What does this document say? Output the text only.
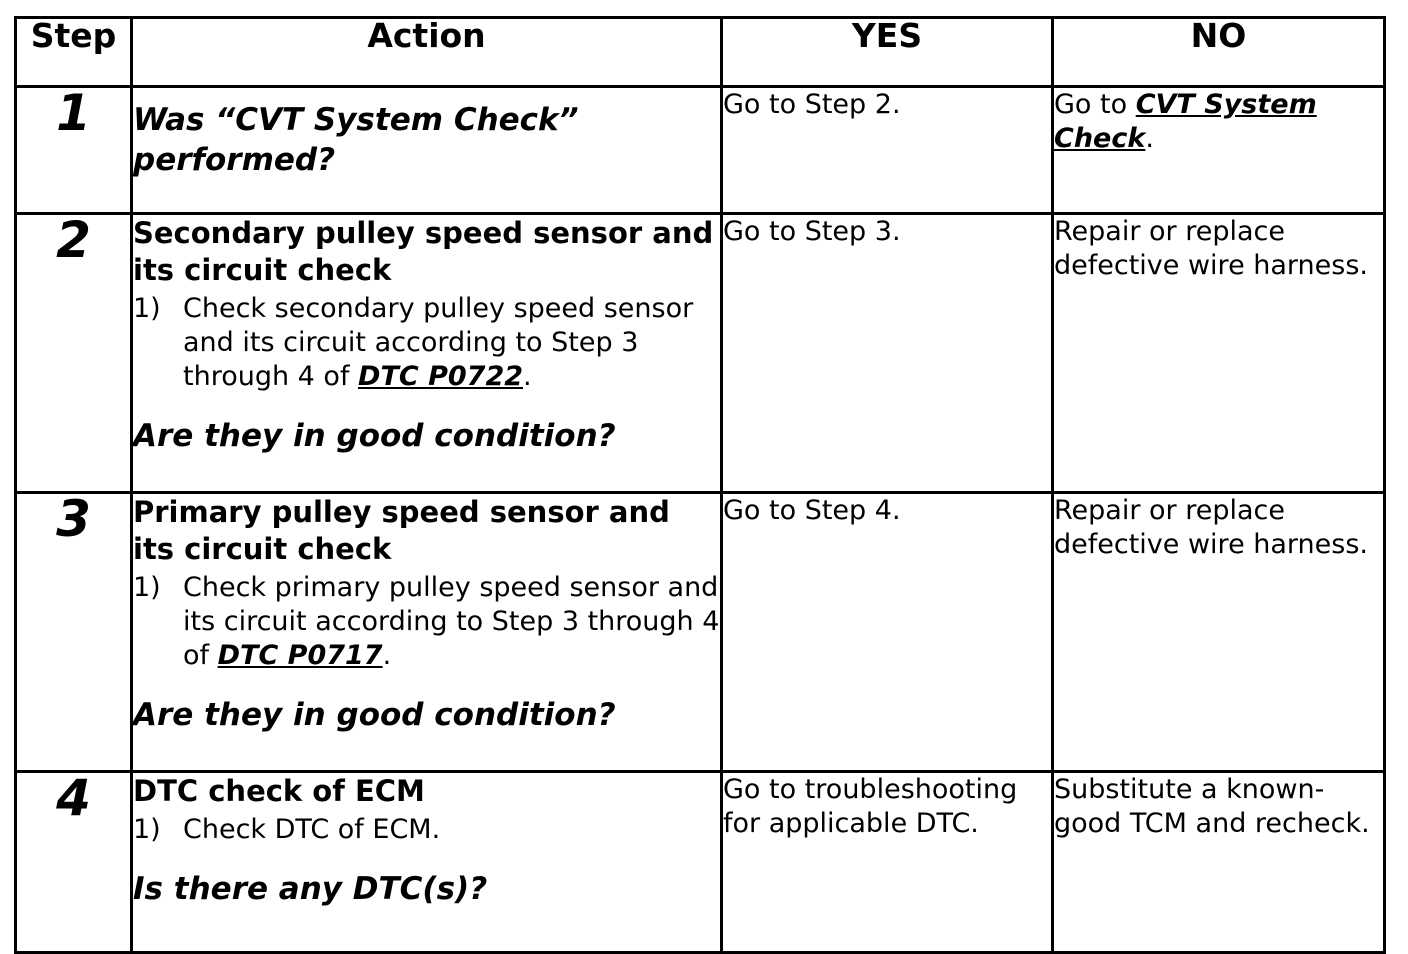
Step	Action	YES	NO
1	Was “CVT System Check” performed?	Go to Step 2.	Go to CVT System Check.
2	Secondary pulley speed sensor and its circuit check
1) Check secondary pulley speed sensor and its circuit according to Step 3 through 4 of DTC P0722.
Are they in good condition?	Go to Step 3.	Repair or replace defective wire harness.
3	Primary pulley speed sensor and its circuit check
1) Check primary pulley speed sensor and its circuit according to Step 3 through 4 of DTC P0717.
Are they in good condition?	Go to Step 4.	Repair or replace defective wire harness.
4	DTC check of ECM
1) Check DTC of ECM.
Is there any DTC(s)?	Go to troubleshooting for applicable DTC.	Substitute a known-good TCM and recheck.
